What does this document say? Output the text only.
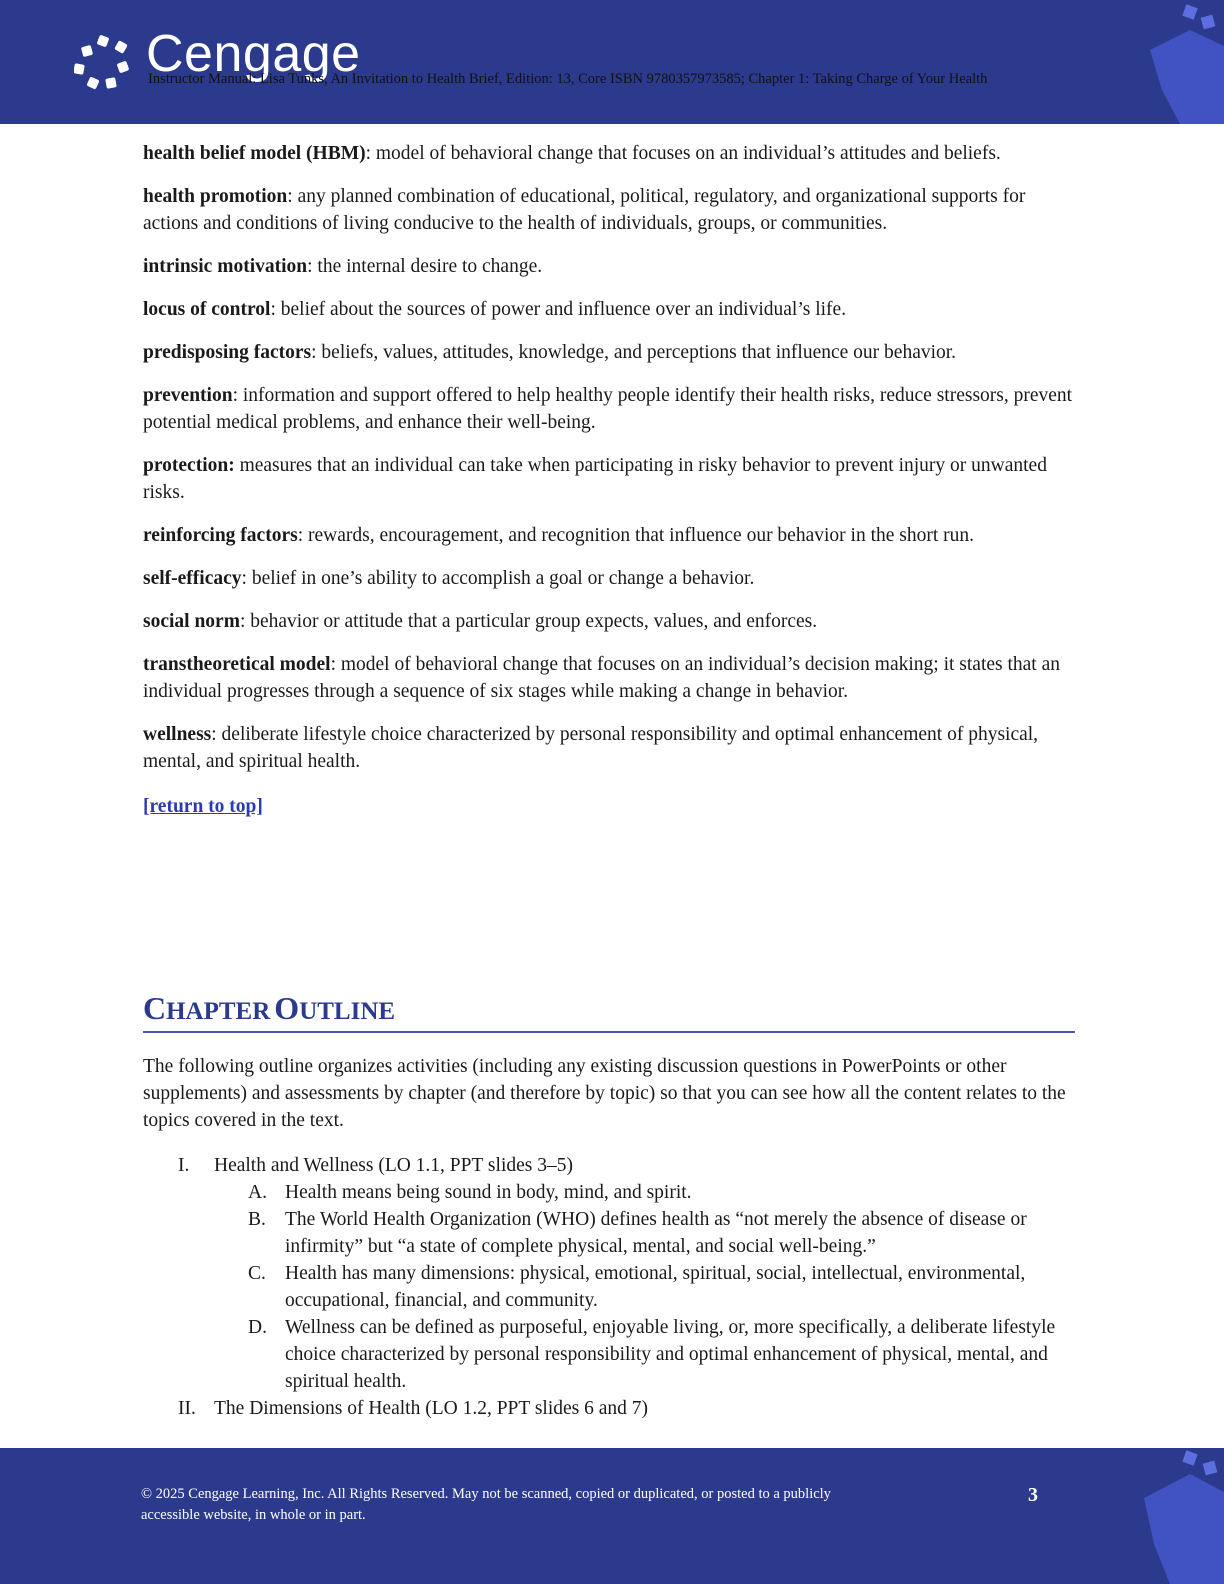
Cengage
Instructor Manual: Lisa Tunks, An Invitation to Health Brief, Edition: 13, Core ISBN 9780357973585; Chapter 1: Taking Charge of Your Health

health belief model (HBM): model of behavioral change that focuses on an individual’s attitudes and beliefs.

health promotion: any planned combination of educational, political, regulatory, and organizational supports for actions and conditions of living conducive to the health of individuals, groups, or communities.

intrinsic motivation: the internal desire to change.

locus of control: belief about the sources of power and influence over an individual’s life.

predisposing factors: beliefs, values, attitudes, knowledge, and perceptions that influence our behavior.

prevention: information and support offered to help healthy people identify their health risks, reduce stressors, prevent potential medical problems, and enhance their well-being.

protection: measures that an individual can take when participating in risky behavior to prevent injury or unwanted risks.

reinforcing factors: rewards, encouragement, and recognition that influence our behavior in the short run.

self-efficacy: belief in one’s ability to accomplish a goal or change a behavior.

social norm: behavior or attitude that a particular group expects, values, and enforces.

transtheoretical model: model of behavioral change that focuses on an individual’s decision making; it states that an individual progresses through a sequence of six stages while making a change in behavior.

wellness: deliberate lifestyle choice characterized by personal responsibility and optimal enhancement of physical, mental, and spiritual health.

[return to top]
CHAPTER OUTLINE
The following outline organizes activities (including any existing discussion questions in PowerPoints or other supplements) and assessments by chapter (and therefore by topic) so that you can see how all the content relates to the topics covered in the text.
I. Health and Wellness (LO 1.1, PPT slides 3–5)
A. Health means being sound in body, mind, and spirit.
B. The World Health Organization (WHO) defines health as “not merely the absence of disease or infirmity” but “a state of complete physical, mental, and social well-being.”
C. Health has many dimensions: physical, emotional, spiritual, social, intellectual, environmental, occupational, financial, and community.
D. Wellness can be defined as purposeful, enjoyable living, or, more specifically, a deliberate lifestyle choice characterized by personal responsibility and optimal enhancement of physical, mental, and spiritual health.
II. The Dimensions of Health (LO 1.2, PPT slides 6 and 7)
© 2025 Cengage Learning, Inc. All Rights Reserved. May not be scanned, copied or duplicated, or posted to a publicly accessible website, in whole or in part.
3
